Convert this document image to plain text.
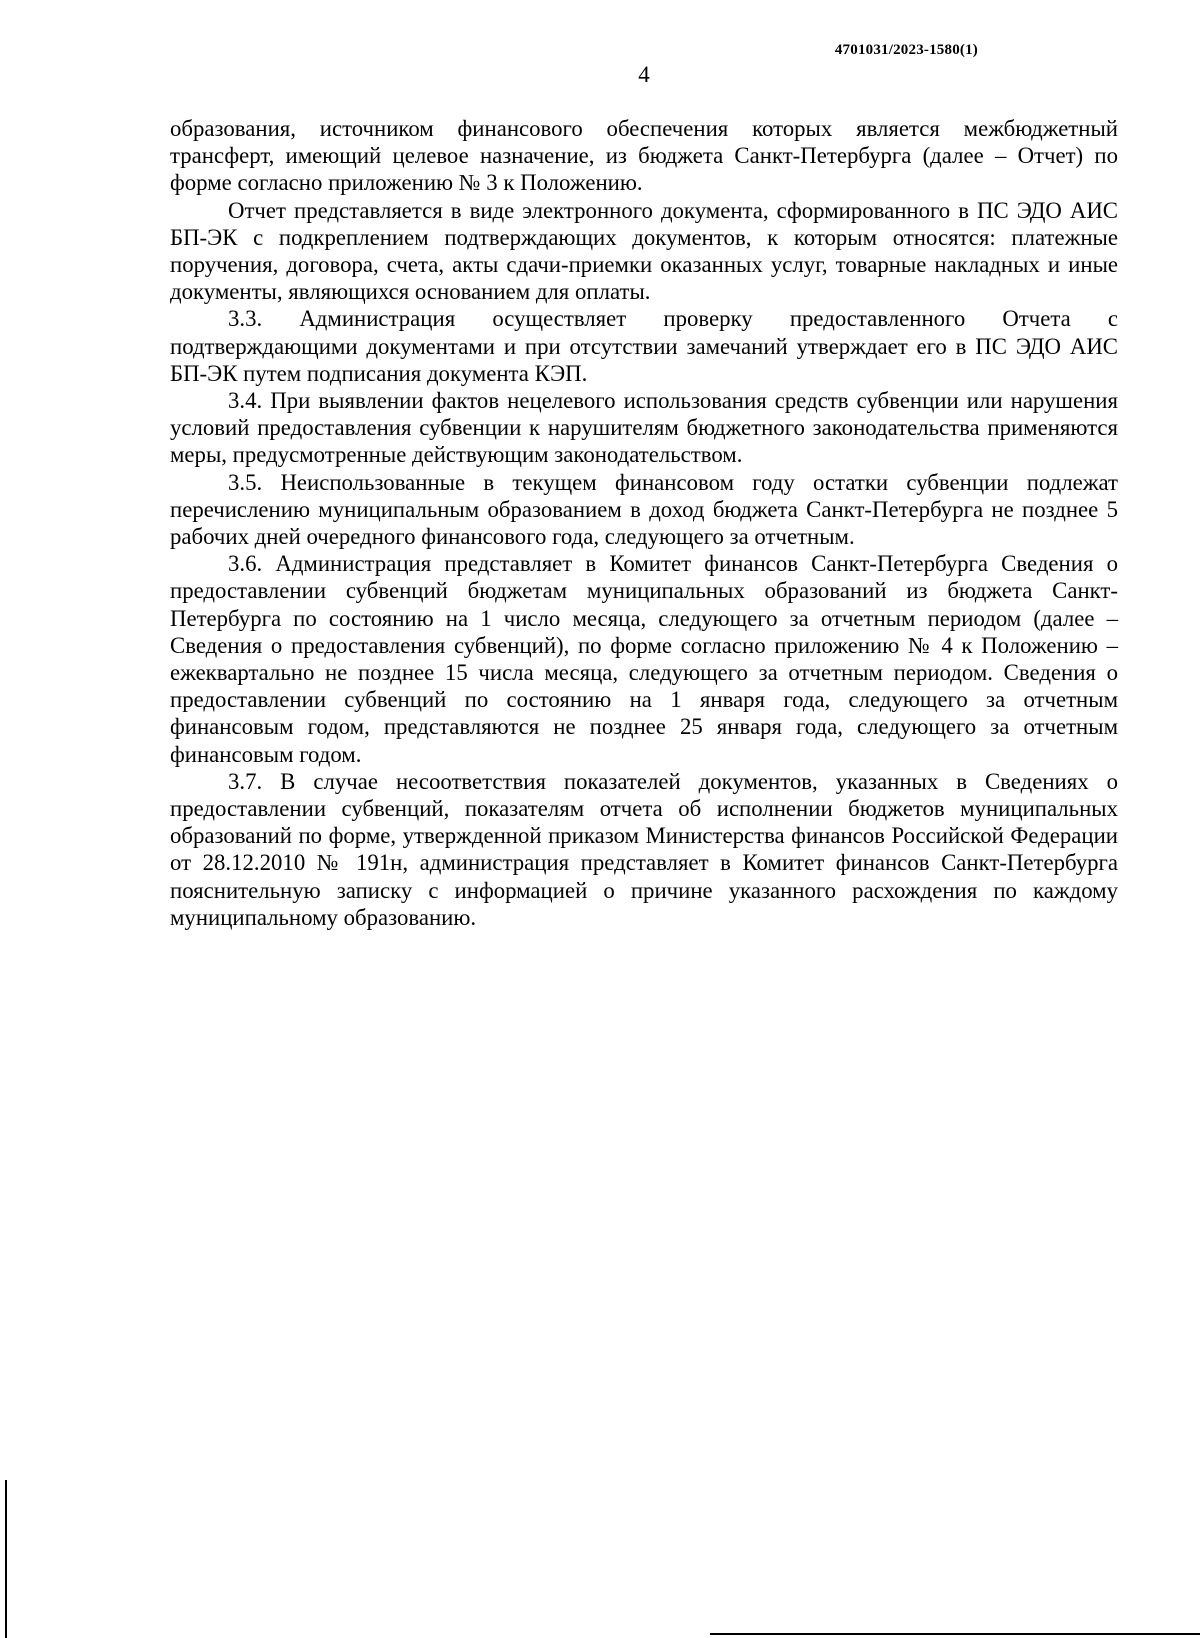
4701031/2023-1580(1)
4

образования, источником финансового обеспечения которых является межбюджетный трансферт, имеющий целевое назначение, из бюджета Санкт-Петербурга (далее – Отчет) по форме согласно приложению № 3 к Положению.

Отчет представляется в виде электронного документа, сформированного в ПС ЭДО АИС БП-ЭК с подкреплением подтверждающих документов, к которым относятся: платежные поручения, договора, счета, акты сдачи-приемки оказанных услуг, товарные накладных и иные документы, являющихся основанием для оплаты.

3.3. Администрация осуществляет проверку предоставленного Отчета с подтверждающими документами и при отсутствии замечаний утверждает его в ПС ЭДО АИС БП-ЭК путем подписания документа КЭП.

3.4. При выявлении фактов нецелевого использования средств субвенции или нарушения условий предоставления субвенции к нарушителям бюджетного законодательства применяются меры, предусмотренные действующим законодательством.

3.5. Неиспользованные в текущем финансовом году остатки субвенции подлежат перечислению муниципальным образованием в доход бюджета Санкт-Петербурга не позднее 5 рабочих дней очередного финансового года, следующего за отчетным.

3.6. Администрация представляет в Комитет финансов Санкт-Петербурга Сведения о предоставлении субвенций бюджетам муниципальных образований из бюджета Санкт-Петербурга по состоянию на 1 число месяца, следующего за отчетным периодом (далее – Сведения о предоставления субвенций), по форме согласно приложению № 4 к Положению – ежеквартально не позднее 15 числа месяца, следующего за отчетным периодом. Сведения о предоставлении субвенций по состоянию на 1 января года, следующего за отчетным финансовым годом, представляются не позднее 25 января года, следующего за отчетным финансовым годом.

3.7. В случае несоответствия показателей документов, указанных в Сведениях о предоставлении субвенций, показателям отчета об исполнении бюджетов муниципальных образований по форме, утвержденной приказом Министерства финансов Российской Федерации от 28.12.2010 № 191н, администрация представляет в Комитет финансов Санкт-Петербурга пояснительную записку с информацией о причине указанного расхождения по каждому муниципальному образованию.
